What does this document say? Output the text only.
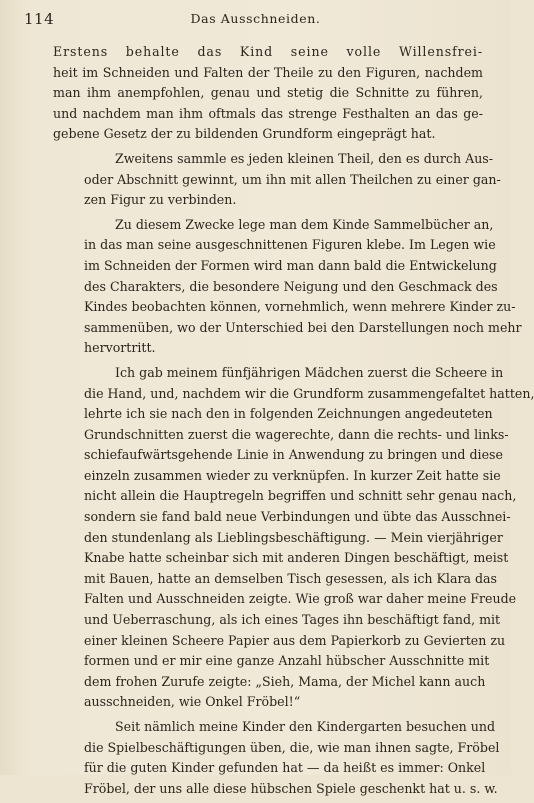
114	Das Ausschneiden.
Erstens behalte das Kind seine volle Willensfrei-
heit im Schneiden und Falten der Theile zu den Figuren, nachdem
man ihm anempfohlen, genau und stetig die Schnitte zu führen,
und nachdem man ihm oftmals das strenge Festhalten an das ge-
gebene Gesetz der zu bildenden Grundform eingeprägt hat.
Zweitens sammle es jeden kleinen Theil, den es durch Aus-
oder Abschnitt gewinnt, um ihn mit allen Theilchen zu einer gan-
zen Figur zu verbinden.
Zu diesem Zwecke lege man dem Kinde Sammelbücher an,
in das man seine ausgeschnittenen Figuren klebe. Im Legen wie
im Schneiden der Formen wird man dann bald die Entwickelung
des Charakters, die besondere Neigung und den Geschmack des
Kindes beobachten können, vornehmlich, wenn mehrere Kinder zu-
sammenüben, wo der Unterschied bei den Darstellungen noch mehr
hervortritt.
Ich gab meinem fünfjährigen Mädchen zuerst die Scheere in
die Hand, und, nachdem wir die Grundform zusammengefaltet hatten,
lehrte ich sie nach den in folgenden Zeichnungen angedeuteten
Grundschnitten zuerst die wagerechte, dann die rechts- und links-
schiefaufwärtsgehende Linie in Anwendung zu bringen und diese
einzeln zusammen wieder zu verknüpfen. In kurzer Zeit hatte sie
nicht allein die Hauptregeln begriffen und schnitt sehr genau nach,
sondern sie fand bald neue Verbindungen und übte das Ausschnei-
den stundenlang als Lieblingsbeschäftigung. — Mein vierjähriger
Knabe hatte scheinbar sich mit anderen Dingen beschäftigt, meist
mit Bauen, hatte an demselben Tisch gesessen, als ich Klara das
Falten und Ausschneiden zeigte. Wie groß war daher meine Freude
und Ueberraschung, als ich eines Tages ihn beschäftigt fand, mit
einer kleinen Scheere Papier aus dem Papierkorb zu Gevierten zu
formen und er mir eine ganze Anzahl hübscher Ausschnitte mit
dem frohen Zurufe zeigte: „Sieh, Mama, der Michel kann auch
ausschneiden, wie Onkel Fröbel!“
Seit nämlich meine Kinder den Kindergarten besuchen und
die Spielbeschäftigungen üben, die, wie man ihnen sagte, Fröbel
für die guten Kinder gefunden hat — da heißt es immer: Onkel
Fröbel, der uns alle diese hübschen Spiele geschenkt hat u. s. w.
